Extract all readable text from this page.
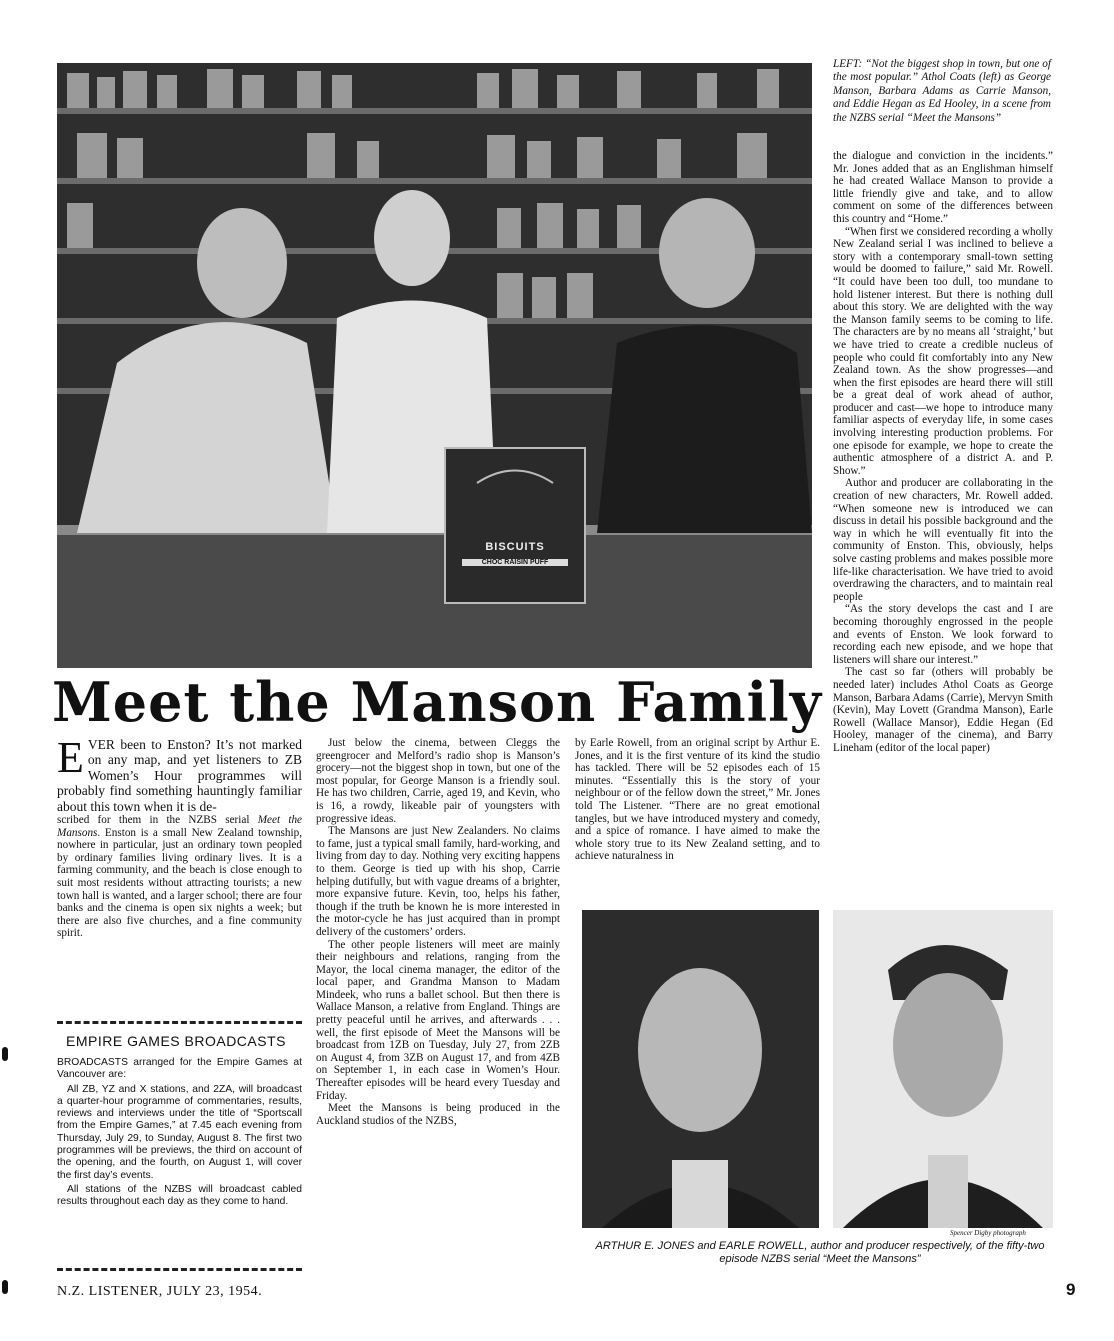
BISCUITS
CHOC RAISIN PUFF
LEFT: “Not the biggest shop in town, but one of the most popular.” Athol Coats (left) as George Manson, Barbara Adams as Carrie Manson, and Eddie Hegan as Ed Hooley, in a scene from the NZBS serial “Meet the Mansons”

the dialogue and conviction in the incidents.” Mr. Jones added that as an Englishman himself he had created Wallace Manson to provide a little friendly give and take, and to allow comment on some of the differences between this country and “Home.”

“When first we considered recording a wholly New Zealand serial I was inclined to believe a story with a contemporary small-town setting would be doomed to failure,” said Mr. Rowell. “It could have been too dull, too mundane to hold listener interest. But there is nothing dull about this story. We are delighted with the way the Manson family seems to be coming to life. The characters are by no means all ‘straight,’ but we have tried to create a credible nucleus of people who could fit comfortably into any New Zealand town. As the show progresses—and when the first episodes are heard there will still be a great deal of work ahead of author, producer and cast—we hope to introduce many familiar aspects of everyday life, in some cases involving interesting production problems. For one episode for example, we hope to create the authentic atmosphere of a district A. and P. Show.”

Author and producer are collaborating in the creation of new characters, Mr. Rowell added. “When someone new is introduced we can discuss in detail his possible background and the way in which he will eventually fit into the community of Enston. This, obviously, helps solve casting problems and makes possible more life-like characterisation. We have tried to avoid overdrawing the characters, and to maintain real people

“As the story develops the cast and I are becoming thoroughly engrossed in the people and events of Enston. We look forward to recording each new episode, and we hope that listeners will share our interest.”

The cast so far (others will probably be needed later) includes Athol Coats as George Manson, Barbara Adams (Carrie), Mervyn Smith (Kevin), May Lovett (Grandma Manson), Earle Rowell (Wallace Mansor), Eddie Hegan (Ed Hooley, manager of the cinema), and Barry Lineham (editor of the local paper)

Meet the Manson Family
EVER been to Enston? It’s not marked on any map, and yet listeners to ZB Women’s Hour programmes will probably find something hauntingly familiar about this town when it is de-
scribed for them in the NZBS serial Meet the Mansons. Enston is a small New Zealand township, nowhere in particular, just an ordinary town peopled by ordinary families living ordinary lives. It is a farming community, and the beach is close enough to suit most residents without attracting tourists; a new town hall is wanted, and a larger school; there are four banks and the cinema is open six nights a week; but there are also five churches, and a fine community spirit.
EMPIRE GAMES BROADCASTS

BROADCASTS arranged for the Empire Games at Vancouver are:

All ZB, YZ and X stations, and 2ZA, will broadcast a quarter-hour programme of commentaries, results, reviews and interviews under the title of “Sportscall from the Empire Games,” at 7.45 each evening from Thursday, July 29, to Sunday, August 8. The first two programmes will be previews, the third on account of the opening, and the fourth, on August 1, will cover the first day’s events.

All stations of the NZBS will broadcast cabled results throughout each day as they come to hand.

Just below the cinema, between Cleggs the greengrocer and Melford’s radio shop is Manson’s grocery—not the biggest shop in town, but one of the most popular, for George Manson is a friendly soul. He has two children, Carrie, aged 19, and Kevin, who is 16, a rowdy, likeable pair of youngsters with progressive ideas.

The Mansons are just New Zealanders. No claims to fame, just a typical small family, hard-working, and living from day to day. Nothing very exciting happens to them. George is tied up with his shop, Carrie helping dutifully, but with vague dreams of a brighter, more expansive future. Kevin, too, helps his father, though if the truth be known he is more interested in the motor-cycle he has just acquired than in prompt delivery of the customers’ orders.

The other people listeners will meet are mainly their neighbours and relations, ranging from the Mayor, the local cinema manager, the editor of the local paper, and Grandma Manson to Madam Mindeek, who runs a ballet school. But then there is Wallace Manson, a relative from England. Things are pretty peaceful until he arrives, and afterwards . . . well, the first episode of Meet the Mansons will be broadcast from 1ZB on Tuesday, July 27, from 2ZB on August 4, from 3ZB on August 17, and from 4ZB on September 1, in each case in Women’s Hour. Thereafter episodes will be heard every Tuesday and Friday.

Meet the Mansons is being produced in the Auckland studios of the NZBS,

by Earle Rowell, from an original script by Arthur E. Jones, and it is the first venture of its kind the studio has tackled. There will be 52 episodes each of 15 minutes. “Essentially this is the story of your neighbour or of the fellow down the street,” Mr. Jones told The Listener. “There are no great emotional tangles, but we have introduced mystery and comedy, and a spice of romance. I have aimed to make the whole story true to its New Zealand setting, and to achieve naturalness in

Spencer Digby photograph
ARTHUR E. JONES and EARLE ROWELL, author and producer respectively, of the fifty-two episode NZBS serial “Meet the Mansons”
N.Z. LISTENER, JULY 23, 1954.	9
